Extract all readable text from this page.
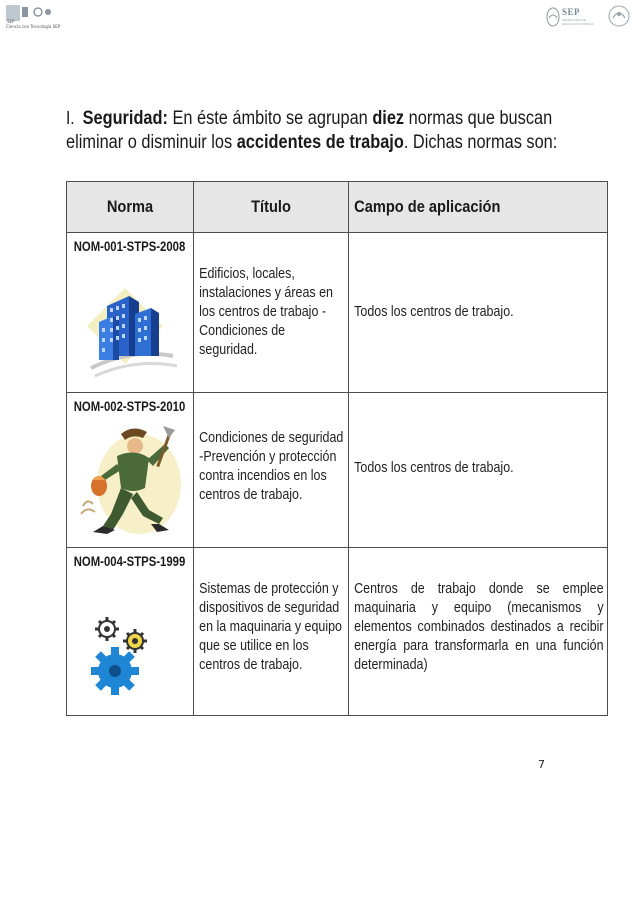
SEP
Ciencia con Tecnología SEP
SEP
SECRETARÍA DE EDUCACIÓN PÚBLICA
I. Seguridad: En éste ámbito se agrupan diez normas que buscan eliminar o disminuir los accidentes de trabajo. Dichas normas son:
Norma	Título	Campo de aplicación

NOM-001-STPS-2008	Edificios, locales, instalaciones y áreas en los centros de trabajo - Condiciones de seguridad.	Todos los centros de trabajo.

NOM-002-STPS-2010	Condiciones de seguridad -Prevención y protección contra incendios en los centros de trabajo.	Todos los centros de trabajo.

NOM-004-STPS-1999	Sistemas de protección y dispositivos de seguridad en la maquinaria y equipo que se utilice en los centros de trabajo.	Centros de trabajo donde se emplee maquinaria y equipo (mecanismos y elementos combinados destinados a recibir energía para transformarla en una función determinada)
7
